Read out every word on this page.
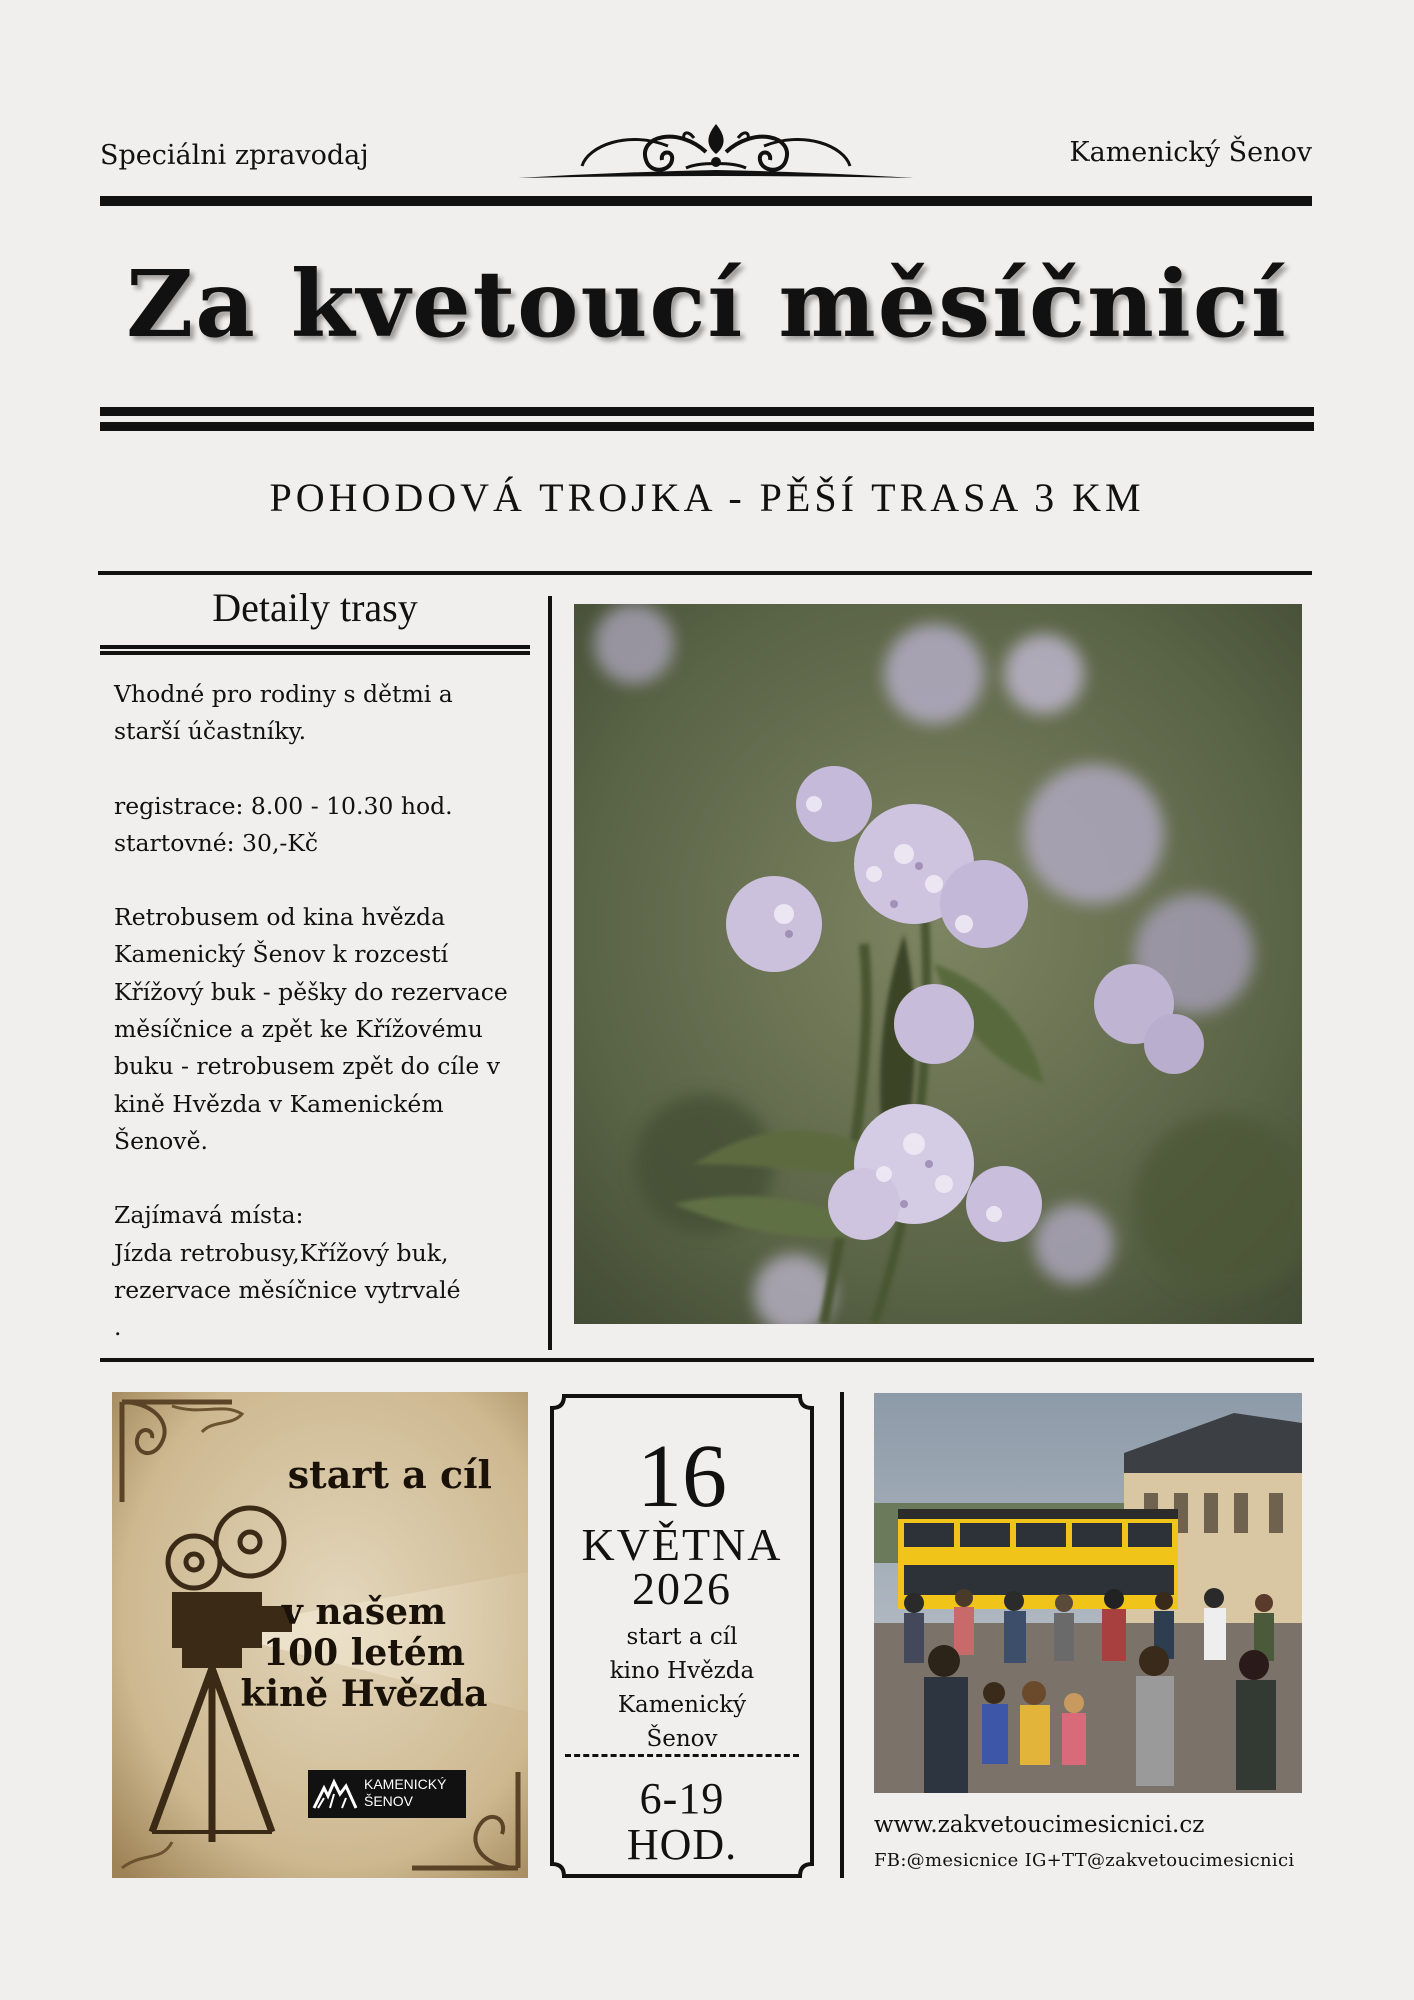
Speciálni zpravodaj	Kamenický Šenov
Za kvetoucí měsíčnicí
POHODOVÁ TROJKA - PĚŠÍ TRASA 3 KM
Detaily trasy

Vhodné pro rodiny s dětmi a
starší účastníky.

registrace: 8.00 - 10.30 hod.

startovné: 30,-Kč

Retrobusem od kina hvězda
Kamenický Šenov k rozcestí
Křížový buk - pěšky do rezervace
měsíčnice a zpět ke Křížovému
buku - retrobusem zpět do cíle v
kině Hvězda v Kamenickém
Šenově.

Zajímavá místa:

Jízda retrobusy,Křížový buk,
rezervace měsíčnice vytrvalé
.

start a cíl
v našem
100 letém
kině Hvězda
KAMENICKÝ
ŠENOV
16
KVĚTNA
2026
start a cíl
kino Hvězda
Kamenický
Šenov
6-19
HOD.	www.zakvetoucimesicnici.cz
FB:@mesicnice IG+TT@zakvetoucimesicnici
